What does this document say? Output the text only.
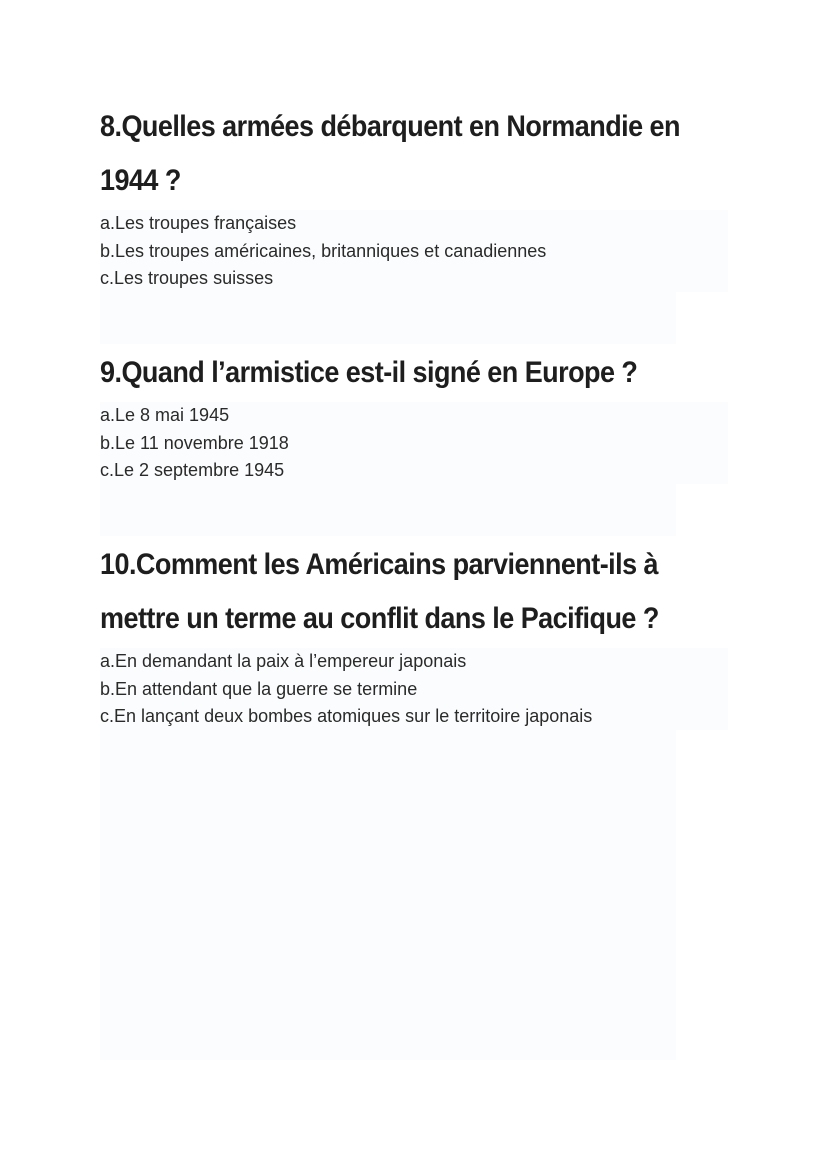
8.Quelles armées débarquent en Normandie en 1944 ?
a.Les troupes françaises
b.Les troupes américaines, britanniques et canadiennes
c.Les troupes suisses
9.Quand l’armistice est-il signé en Europe ?
a.Le 8 mai 1945
b.Le 11 novembre 1918
c.Le 2 septembre 1945
10.Comment les Américains parviennent-ils à mettre un terme au conflit dans le Pacifique ?
a.En demandant la paix à l’empereur japonais
b.En attendant que la guerre se termine
c.En lançant deux bombes atomiques sur le territoire japonais
